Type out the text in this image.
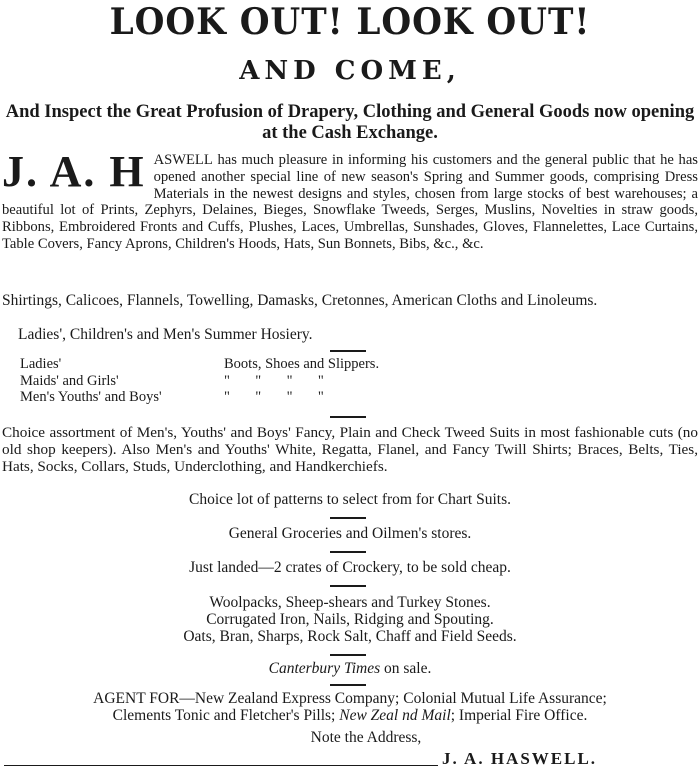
LOOK OUT! LOOK OUT!
AND COME,
And Inspect the Great Profusion of Drapery, Clothing and General Goods now opening at the Cash Exchange.
J. A. H ASWELL has much pleasure in informing his customers and the general public that he has opened another special line of new season's Spring and Summer goods, comprising Dress Materials in the newest designs and styles, chosen from large stocks of best warehouses; a beautiful lot of Prints, Zephyrs, Delaines, Bieges, Snowflake Tweeds, Serges, Muslins, Novelties in straw goods, Ribbons, Embroidered Fronts and Cuffs, Plushes, Laces, Umbrellas, Sunshades, Gloves, Flannelettes, Lace Curtains, Table Covers, Fancy Aprons, Children's Hoods, Hats, Sun Bonnets, Bibs, &c., &c.
Shirtings, Calicoes, Flannels, Towelling, Damasks, Cretonnes, American Cloths and Linoleums.
Ladies', Children's and Men's Summer Hosiery.
Ladies'	Boots, Shoes and Slippers.
Maids' and Girls'	"       "       "       "
Men's Youths' and Boys'	"       "       "       "
Choice assortment of Men's, Youths' and Boys' Fancy, Plain and Check Tweed Suits in most fashionable cuts (no old shop keepers). Also Men's and Youths' White, Regatta, Flanel, and Fancy Twill Shirts; Braces, Belts, Ties, Hats, Socks, Collars, Studs, Underclothing, and Handkerchiefs.
Choice lot of patterns to select from for Chart Suits.
General Groceries and Oilmen's stores.
Just landed—2 crates of Crockery, to be sold cheap.
Woolpacks, Sheep-shears and Turkey Stones.
Corrugated Iron, Nails, Ridging and Spouting.
Oats, Bran, Sharps, Rock Salt, Chaff and Field Seeds.
Canterbury Times on sale.
AGENT FOR—New Zealand Express Company; Colonial Mutual Life Assurance;
Clements Tonic and Fletcher's Pills; New Zeal nd Mail; Imperial Fire Office.
Note the Address,
J. A. HASWELL.
